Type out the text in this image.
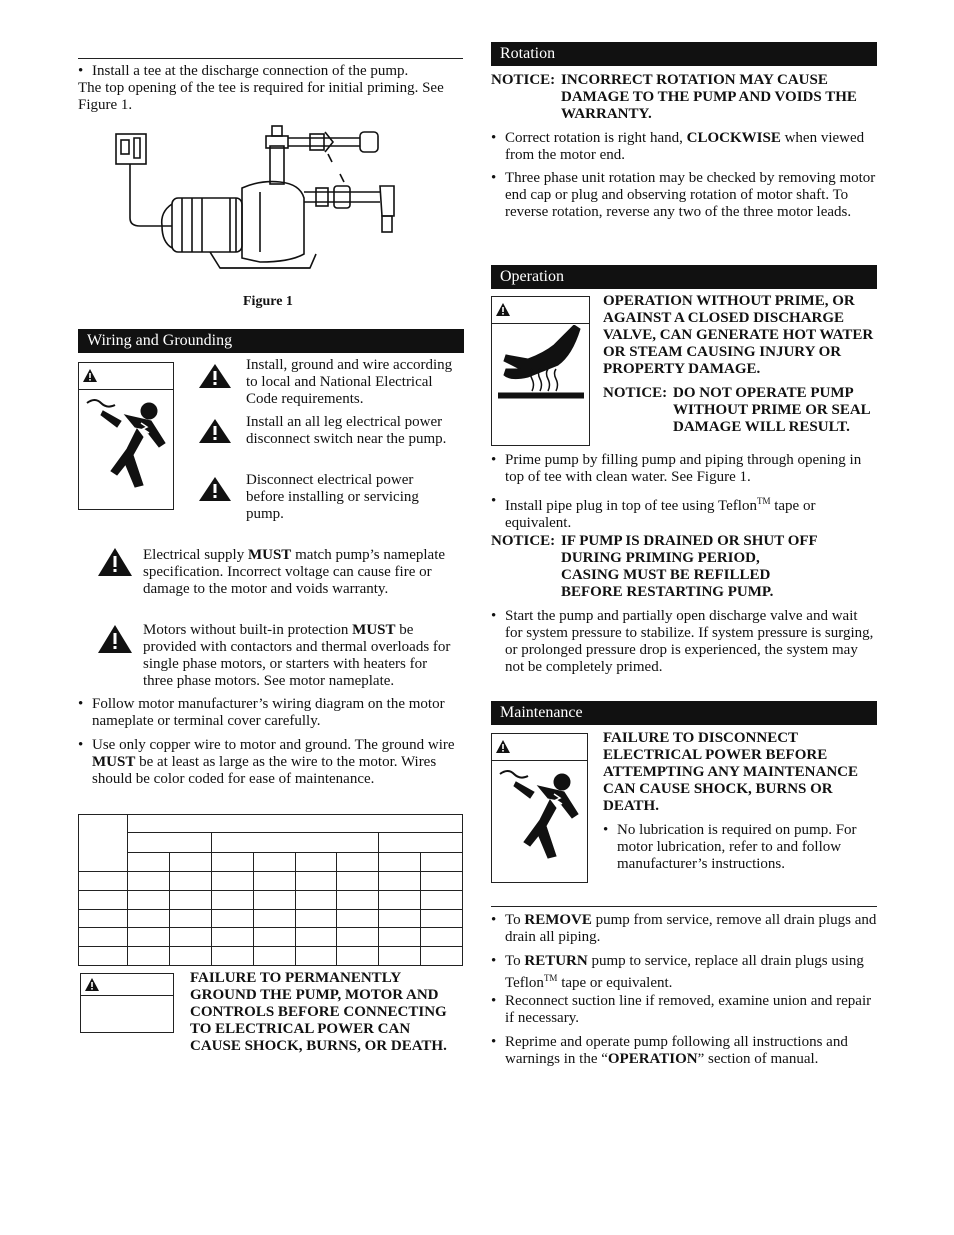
• Install a tee at the discharge connection of the pump.
The top opening of the tee is required for initial priming. See Figure 1.
Figure 1
Wiring and Grounding
Install, ground and wire according to local and National Electrical Code requirements.
Install an all leg electrical power disconnect switch near the pump.
Disconnect electrical power before installing or servicing pump.
Electrical supply MUST match pump’s nameplate specification. Incorrect voltage can cause fire or damage to the motor and voids warranty.
Motors without built-in protection MUST be provided with contactors and thermal overloads for single phase motors, or starters with heaters for three phase motors. See motor nameplate.
• Follow motor manufacturer’s wiring diagram on the motor nameplate or terminal cover carefully.
• Use only copper wire to motor and ground. The ground wire MUST be at least as large as the wire to the motor. Wires should be color coded for ease of maintenance.

FAILURE TO PERMANENTLY GROUND THE PUMP, MOTOR AND CONTROLS BEFORE CONNECTING TO ELECTRICAL POWER CAN CAUSE SHOCK, BURNS, OR DEATH.
Rotation
NOTICE: INCORRECT ROTATION MAY CAUSE DAMAGE TO THE PUMP AND VOIDS THE WARRANTY.
• Correct rotation is right hand, CLOCKWISE when viewed from the motor end.
• Three phase unit rotation may be checked by removing motor end cap or plug and observing rotation of motor shaft. To reverse rotation, reverse any two of the three motor leads.
Operation
OPERATION WITHOUT PRIME, OR AGAINST A CLOSED DISCHARGE VALVE, CAN GENERATE HOT WATER OR STEAM CAUSING INJURY OR PROPERTY DAMAGE.
NOTICE: DO NOT OPERATE PUMP WITHOUT PRIME OR SEAL DAMAGE WILL RESULT.
• Prime pump by filling pump and piping through opening in top of tee with clean water. See Figure 1.
• Install pipe plug in top of tee using Teflon™ tape or equivalent.
NOTICE: IF PUMP IS DRAINED OR SHUT OFF DURING PRIMING PERIOD, CASING MUST BE REFILLED BEFORE RESTARTING PUMP.
• Start the pump and partially open discharge valve and wait for system pressure to stabilize. If system pressure is surging, or prolonged pressure drop is experienced, the system may not be completely primed.
Maintenance
FAILURE TO DISCONNECT ELECTRICAL POWER BEFORE ATTEMPTING ANY MAINTENANCE CAN CAUSE SHOCK, BURNS OR DEATH.
• No lubrication is required on pump. For motor lubrication, refer to and follow manufacturer’s instructions.
• To REMOVE pump from service, remove all drain plugs and drain all piping.
• To RETURN pump to service, replace all drain plugs using Teflon™ tape or equivalent.
• Reconnect suction line if removed, examine union and repair if necessary.
• Reprime and operate pump following all instructions and warnings in the “OPERATION” section of manual.
